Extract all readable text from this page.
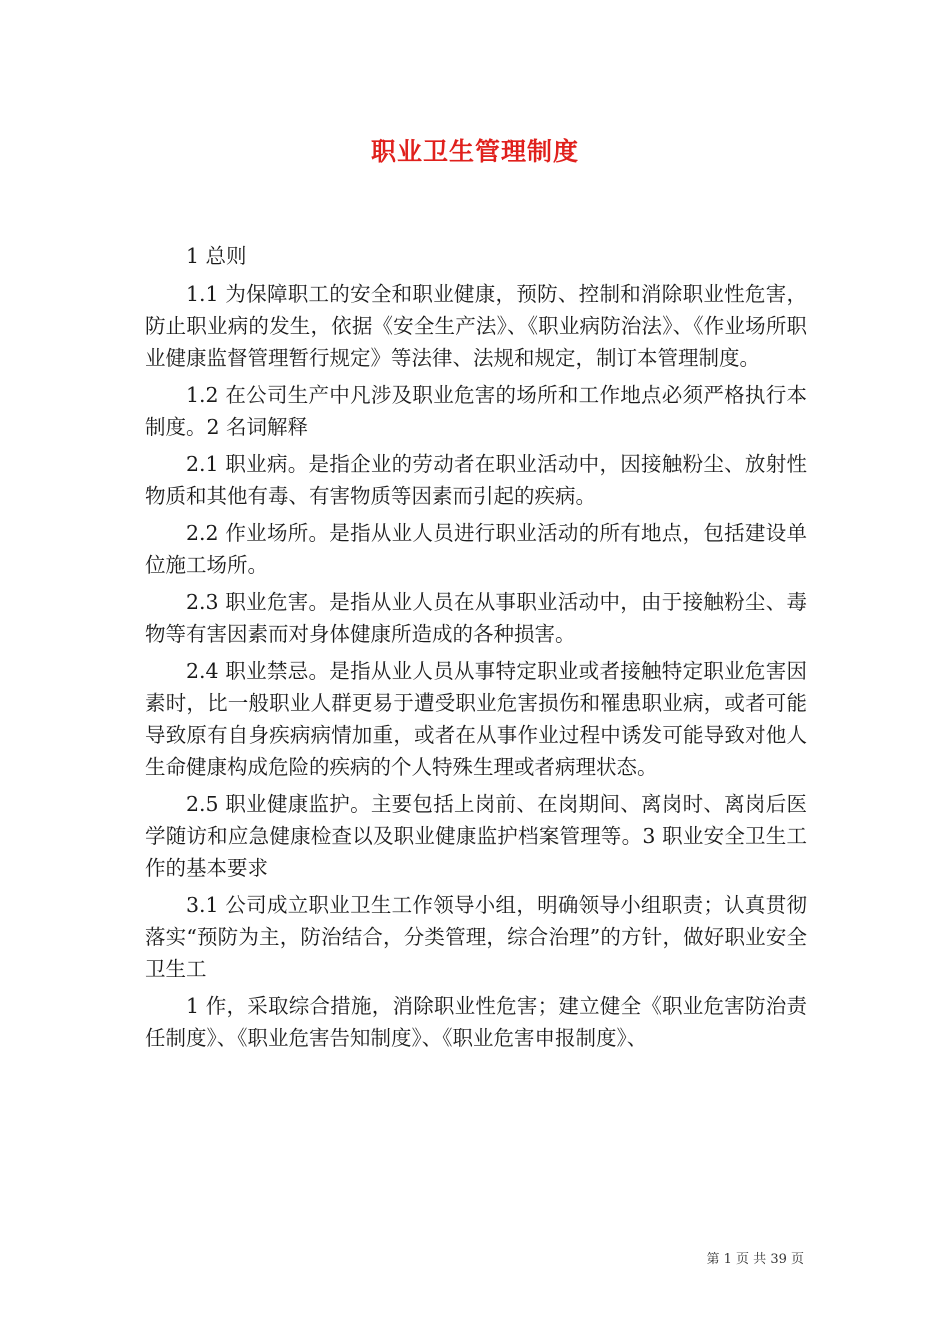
职业卫生管理制度

1 总则

1.1 为保障职工的安全和职业健康，预防、控制和消除职业性危害，防止职业病的发生，依据《安全生产法》、《职业病防治法》、《作业场所职业健康监督管理暂行规定》等法律、法规和规定，制订本管理制度。

1.2 在公司生产中凡涉及职业危害的场所和工作地点必须严格执行本制度。2 名词解释

2.1 职业病。是指企业的劳动者在职业活动中，因接触粉尘、放射性物质和其他有毒、有害物质等因素而引起的疾病。

2.2 作业场所。是指从业人员进行职业活动的所有地点，包括建设单位施工场所。

2.3 职业危害。是指从业人员在从事职业活动中，由于接触粉尘、毒物等有害因素而对身体健康所造成的各种损害。

2.4 职业禁忌。是指从业人员从事特定职业或者接触特定职业危害因素时，比一般职业人群更易于遭受职业危害损伤和罹患职业病，或者可能导致原有自身疾病病情加重，或者在从事作业过程中诱发可能导致对他人生命健康构成危险的疾病的个人特殊生理或者病理状态。

2.5 职业健康监护。主要包括上岗前、在岗期间、离岗时、离岗后医学随访和应急健康检查以及职业健康监护档案管理等。3 职业安全卫生工作的基本要求

3.1 公司成立职业卫生工作领导小组，明确领导小组职责；认真贯彻落实“预防为主，防治结合，分类管理，综合治理”的方针，做好职业安全卫生工

1 作，采取综合措施，消除职业性危害；建立健全《职业危害防治责任制度》、《职业危害告知制度》、《职业危害申报制度》、

第 1 页 共 39 页
